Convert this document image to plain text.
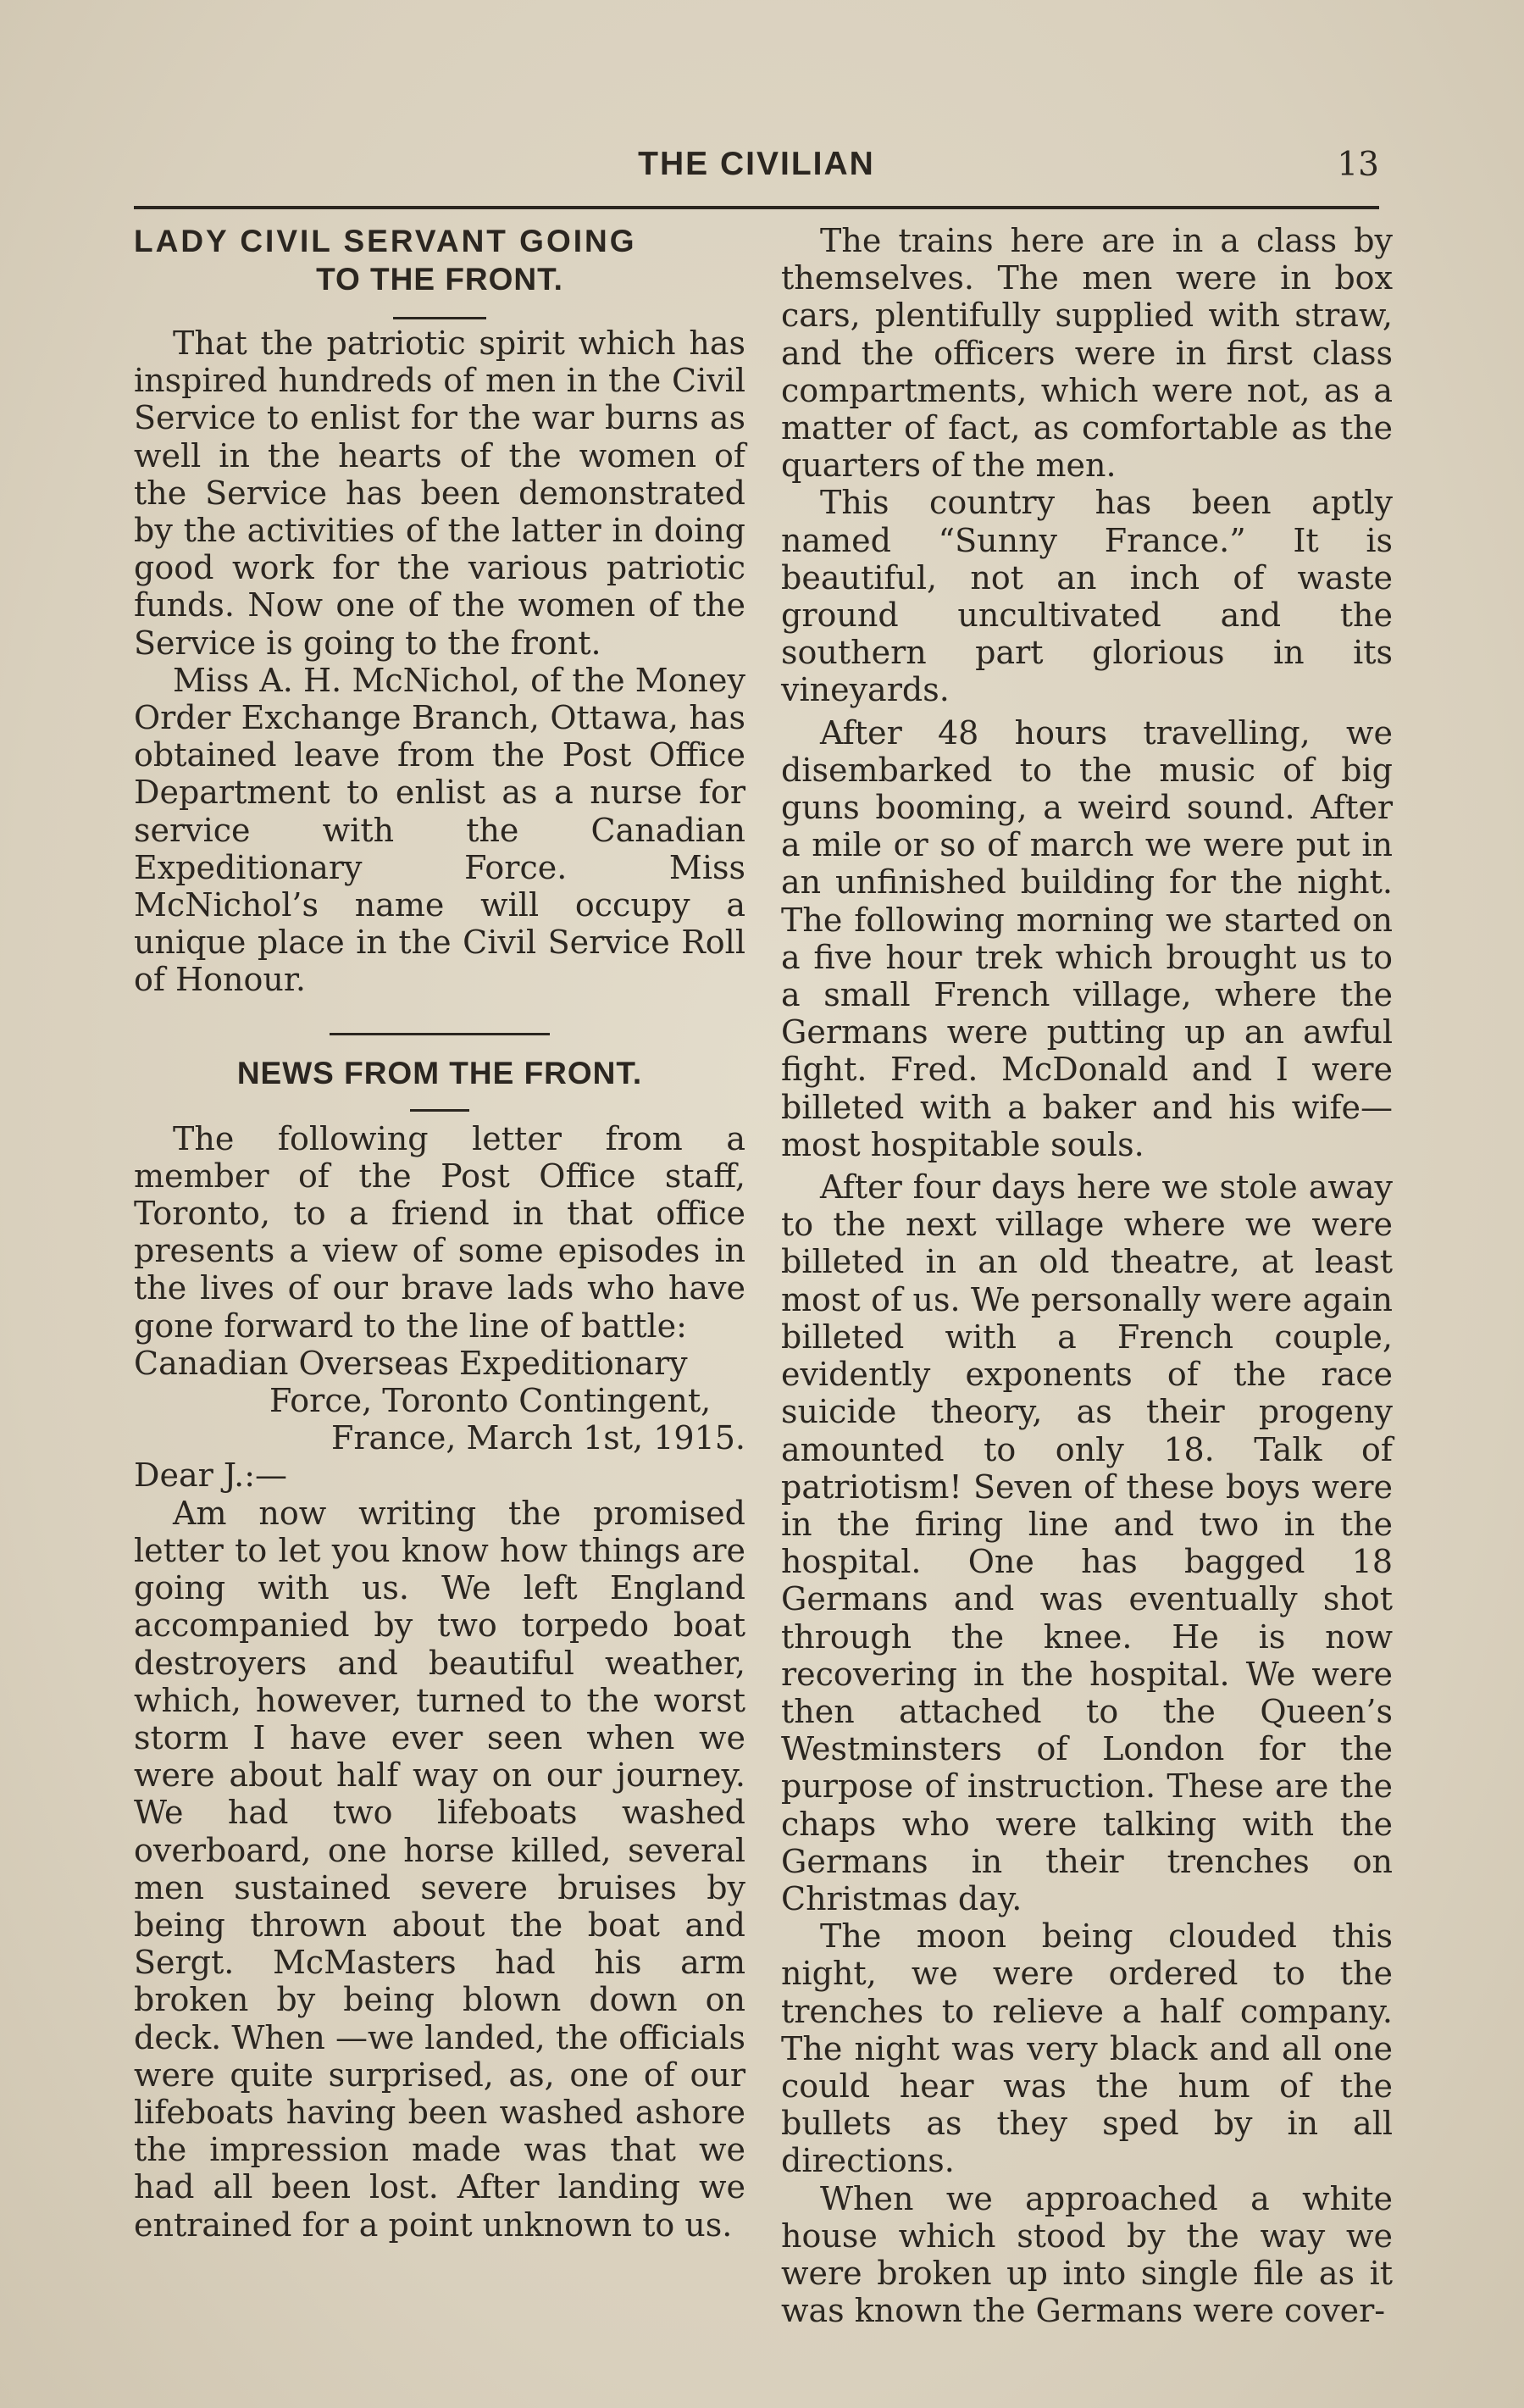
THE CIVILIAN	13
LADY CIVIL SERVANT GOING
TO THE FRONT.

That the patriotic spirit which has inspired hundreds of men in the Civil Service to enlist for the war burns as well in the hearts of the women of the Service has been demonstrated by the activities of the latter in doing good work for the various patriotic funds. Now one of the women of the Service is going to the front.

Miss A. H. McNichol, of the Money Order Exchange Branch, Ottawa, has obtained leave from the Post Office Department to enlist as a nurse for service with the Canadian Expeditionary Force. Miss McNichol’s name will occupy a unique place in the Civil Service Roll of Honour.

NEWS FROM THE FRONT.

The following letter from a member of the Post Office staff, Toronto, to a friend in that office presents a view of some episodes in the lives of our brave lads who have gone forward to the line of battle:

Canadian Overseas Expeditionary

Force, Toronto Contingent,

France, March 1st, 1915.

Dear J.:—

Am now writing the promised letter to let you know how things are going with us. We left England accompanied by two torpedo boat destroyers and beautiful weather, which, however, turned to the worst storm I have ever seen when we were about half way on our journey. We had two lifeboats washed overboard, one horse killed, several men sustained severe bruises by being thrown about the boat and Sergt. McMasters had his arm broken by being blown down on deck. When —we landed, the officials were quite surprised, as, one of our lifeboats having been washed ashore the impression made was that we had all been lost. After landing we entrained for a point unknown to us.

The trains here are in a class by themselves. The men were in box cars, plentifully supplied with straw, and the officers were in first class compartments, which were not, as a matter of fact, as comfortable as the quarters of the men.

This country has been aptly named “Sunny France.” It is beautiful, not an inch of waste ground uncultivated and the southern part glorious in its vineyards.

After 48 hours travelling, we disembarked to the music of big guns booming, a weird sound. After a mile or so of march we were put in an unfinished building for the night. The following morning we started on a five hour trek which brought us to a small French village, where the Germans were putting up an awful fight. Fred. McDonald and I were billeted with a baker and his wife—most hospitable souls.

After four days here we stole away to the next village where we were billeted in an old theatre, at least most of us. We personally were again billeted with a French couple, evidently exponents of the race suicide theory, as their progeny amounted to only 18. Talk of patriotism! Seven of these boys were in the firing line and two in the hospital. One has bagged 18 Germans and was eventually shot through the knee. He is now recovering in the hospital. We were then attached to the Queen’s Westminsters of London for the purpose of instruction. These are the chaps who were talking with the Germans in their trenches on Christmas day.

The moon being clouded this night, we were ordered to the trenches to relieve a half company. The night was very black and all one could hear was the hum of the bullets as they sped by in all directions.

When we approached a white house which stood by the way we were broken up into single file as it was known the Germans were cover-
